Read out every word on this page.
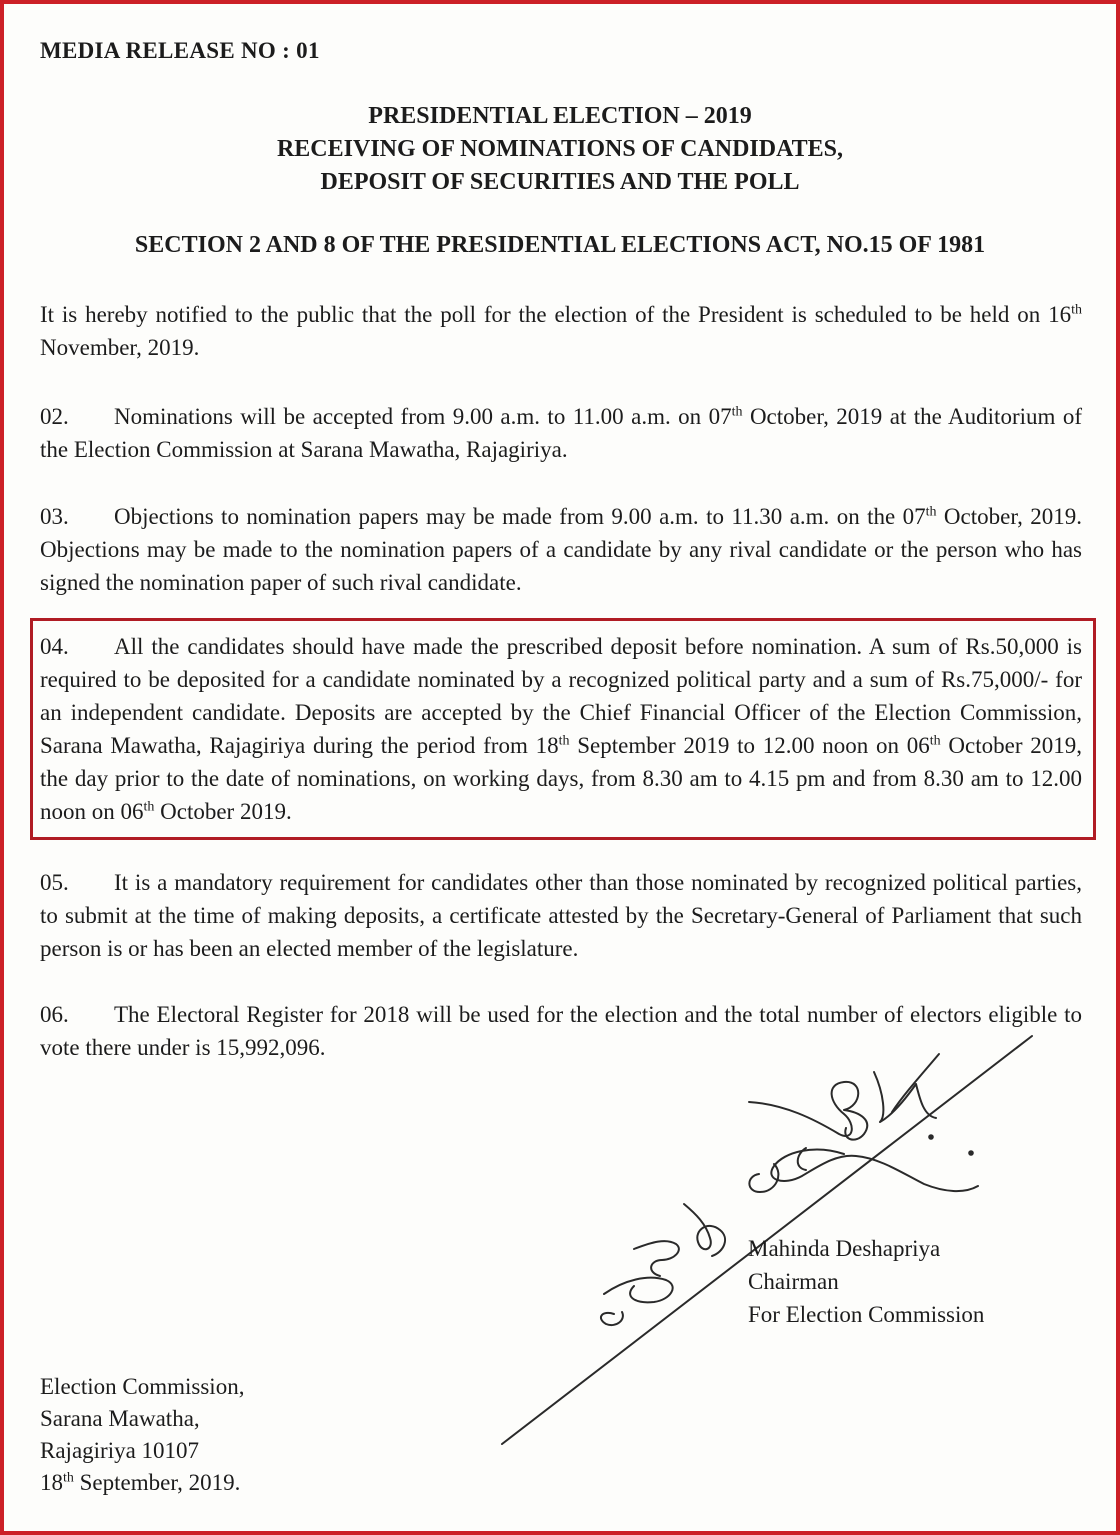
MEDIA RELEASE NO : 01
PRESIDENTIAL ELECTION – 2019
RECEIVING OF NOMINATIONS OF CANDIDATES,
DEPOSIT OF SECURITIES AND THE POLL
SECTION 2 AND 8 OF THE PRESIDENTIAL ELECTIONS ACT, NO.15 OF 1981
It is hereby notified to the public that the poll for the election of the President is scheduled to be held on 16th November, 2019.
02. Nominations will be accepted from 9.00 a.m. to 11.00 a.m. on 07th October, 2019 at the Auditorium of the Election Commission at Sarana Mawatha, Rajagiriya.
03. Objections to nomination papers may be made from 9.00 a.m. to 11.30 a.m. on the 07th October, 2019. Objections may be made to the nomination papers of a candidate by any rival candidate or the person who has signed the nomination paper of such rival candidate.
04. All the candidates should have made the prescribed deposit before nomination. A sum of Rs.50,000 is required to be deposited for a candidate nominated by a recognized political party and a sum of Rs.75,000/- for an independent candidate. Deposits are accepted by the Chief Financial Officer of the Election Commission, Sarana Mawatha, Rajagiriya during the period from 18th September 2019 to 12.00 noon on 06th October 2019, the day prior to the date of nominations, on working days, from 8.30 am to 4.15 pm and from 8.30 am to 12.00 noon on 06th October 2019.
05. It is a mandatory requirement for candidates other than those nominated by recognized political parties, to submit at the time of making deposits, a certificate attested by the Secretary-General of Parliament that such person is or has been an elected member of the legislature.
06. The Electoral Register for 2018 will be used for the election and the total number of electors eligible to vote there under is 15,992,096.
Mahinda Deshapriya
Chairman
For Election Commission
Election Commission,
Sarana Mawatha,
Rajagiriya 10107
18th September, 2019.
